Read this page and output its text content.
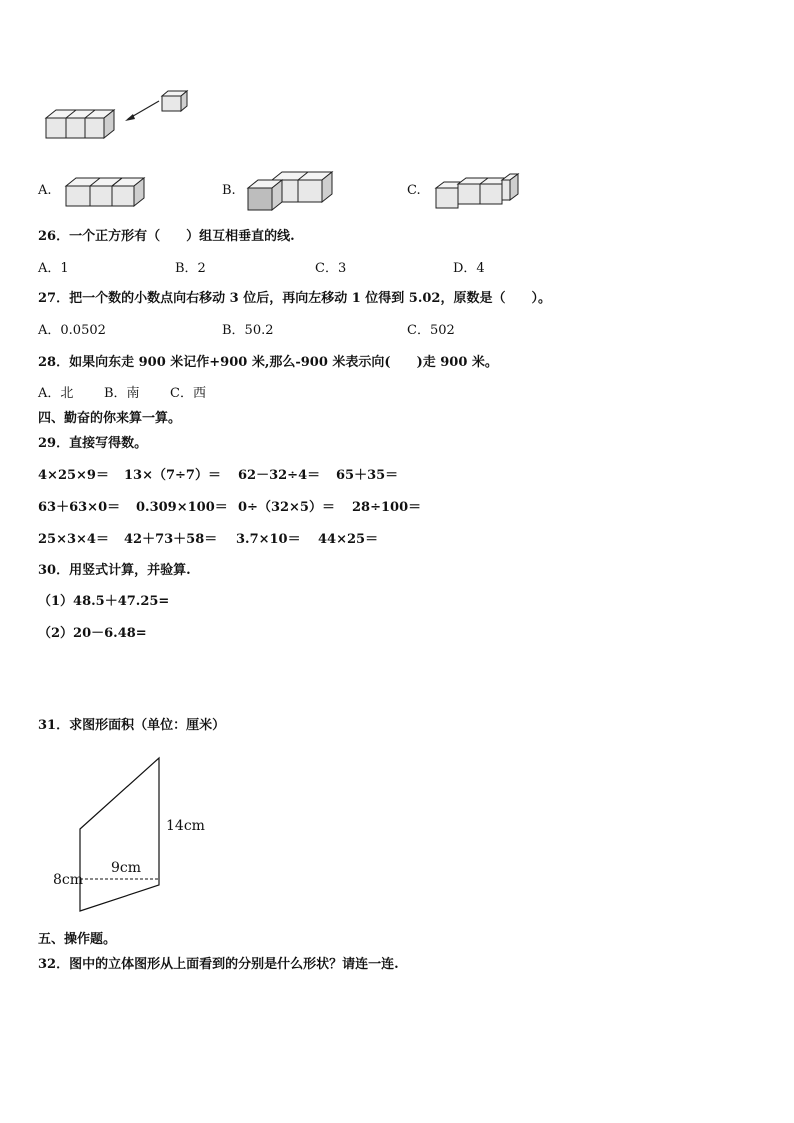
A.	B.	C.
26．一个正方形有（　　）组互相垂直的线.
A．1	B．2	C．3	D．4
27．把一个数的小数点向右移动 3 位后，再向左移动 1 位得到 5.02，原数是（　　）。
A．0.0502	B．50.2	C．502
28．如果向东走 900 米记作+900 米,那么-900 米表示向(　　)走 900 米。
A．北 B．南 C．西
四、勤奋的你来算一算。
29．直接写得数。
4×25×9＝ 13×（7÷7）＝ 62－32÷4＝ 65＋35＝
63＋63×0＝ 0.309×100＝ 0÷（32×5）＝ 28÷100＝
25×3×4＝ 42＋73＋58＝ 3.7×10＝ 44×25＝
30．用竖式计算，并验算.
（1）48.5＋47.25=
（2）20－6.48=
31．求图形面积（单位：厘米）
14cm
9cm
8cm
五、操作题。
32．图中的立体图形从上面看到的分别是什么形状？请连一连.
